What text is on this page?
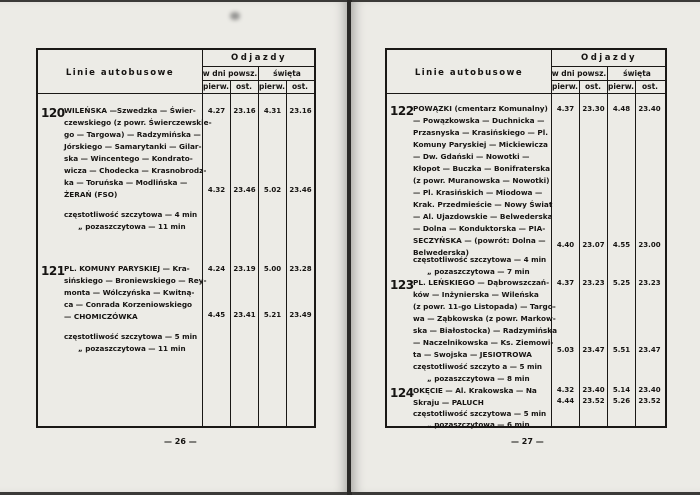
Linie autobusowe
Odjazdy
w dni powsz.	święta
pierw. ost. pierw. ost.
120 WILEŃSKA —Szwedzka — Świer-
czewskiego (z powr. Świerczewskie-
go — Targowa) — Radzymińska —
Jórskiego — Samarytanki — Gilar-
ska — Wincentego — Kondrato-
wicza — Chodecka — Krasnobrodz-
ka — Toruńska — Modlińska —
ŻERAŃ (FSO)
4.27	23.16	4.31	23.16
4.32	23.46	5.02	23.46
częstotliwość szczytowa — 4 min
„ pozaszczytowa — 11 min
121 PL. KOMUNY PARYSKIEJ — Kra-
sińskiego — Broniewskiego — Rey-
monta — Wólczyńska — Kwitną-
ca — Conrada Korzeniowskiego
— CHOMICZÓWKA
4.24	23.19	5.00	23.28
4.45	23.41	5.21	23.49
częstotliwość szczytowa — 5 min
„ pozaszczytowa — 11 min
— 26 —
Linie autobusowe
Odjazdy
w dni powsz.	święta
pierw. ost. pierw.	ost.
122 POWĄZKI (cmentarz Komunalny)
— Powązkowska — Duchnicka —
Przasnyska — Krasińskiego — Pl.
Komuny Paryskiej — Mickiewicza
— Dw. Gdański — Nowotki —
Kłopot — Buczka — Bonifraterska
(z powr. Muranowska — Nowotki)
— Pl. Krasińskich — Miodowa —
Krak. Przedmieście — Nowy Świat
— Al. Ujazdowskie — Belwederska
— Dolna — Konduktorska — PIA-
SECZYŃSKA — (powrót: Dolna —
Belwederska)
4.37	23.30	4.48	23.40
4.40	23.07	4.55	23.00
częstotliwość szczytowa — 4 min
„ pozaszczytowa — 7 min
123 PL. LEŃSKIEGO — Dąbrowszczań-
ków — Inżynierska — Wileńska
(z powr. 11-go Listopada) — Targo-
wa — Ząbkowska (z powr. Markow-
ska — Białostocka) — Radzymińska
— Naczelnikowska — Ks. Ziemowi-
ta — Swojska — JESIOTROWA
4.37	23.23	5.25	23.23
5.03	23.47	5.51	23.47
częstotliwość szczyto a — 5 min
„ pozaszczytowa — 8 min
124 OKĘCIE — Al. Krakowska — Na
Skraju — PALUCH
4.32	23.40	5.14	23.40
4.44	23.52	5.26	23.52
częstotliwość szczytowa — 5 min
„ pozaszczytowa — 6 min
— 27 —
